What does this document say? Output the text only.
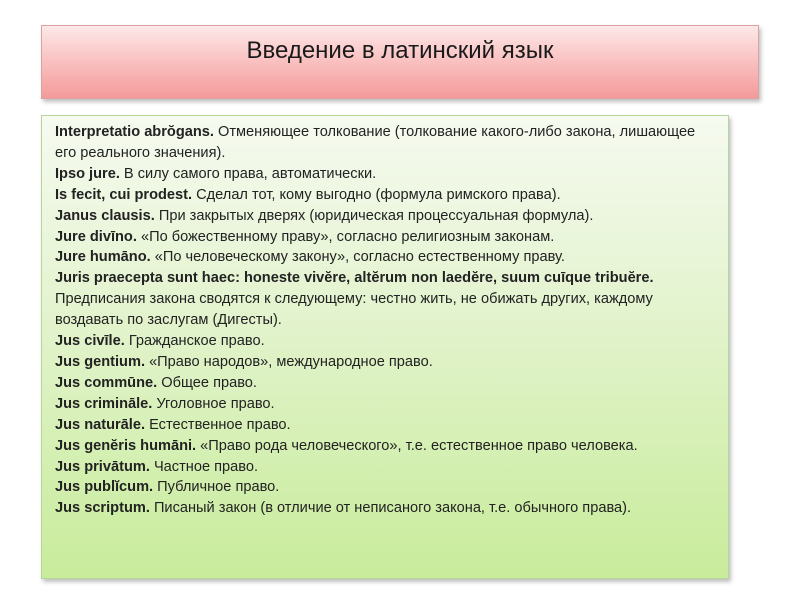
Введение в латинский язык
Interpretatio abrŏgans. Отменяющее толкование (толкование какого-либо закона, лишающее его реального значения).
Ipso jure. В силу самого права, автоматически.
Is fecit, cui prodest. Сделал тот, кому выгодно (формула римского права).
Janus clausis. При закрытых дверях (юридическая процессуальная формула).
Jure divīno. «По божественному праву», согласно религиозным законам.
Jure humāno. «По человеческому закону», согласно естественному праву.
Juris praecepta sunt haec: honeste vivĕre, altĕrum non laedĕre, suum cuīque tribuĕre. Предписания закона сводятся к следующему: честно жить, не обижать других, каждому воздавать по заслугам (Дигесты).
Jus civīle. Гражданское право.
Jus gentium. «Право народов», международное право.
Jus commūne. Общее право.
Jus crimināle. Уголовное право.
Jus naturāle. Естественное право.
Jus genĕris humāni. «Право рода человеческого», т.е. естественное право человека.
Jus privātum. Частное право.
Jus publĭcum. Публичное право.
Jus scriptum. Писаный закон (в отличие от неписаного закона, т.е. обычного права).
